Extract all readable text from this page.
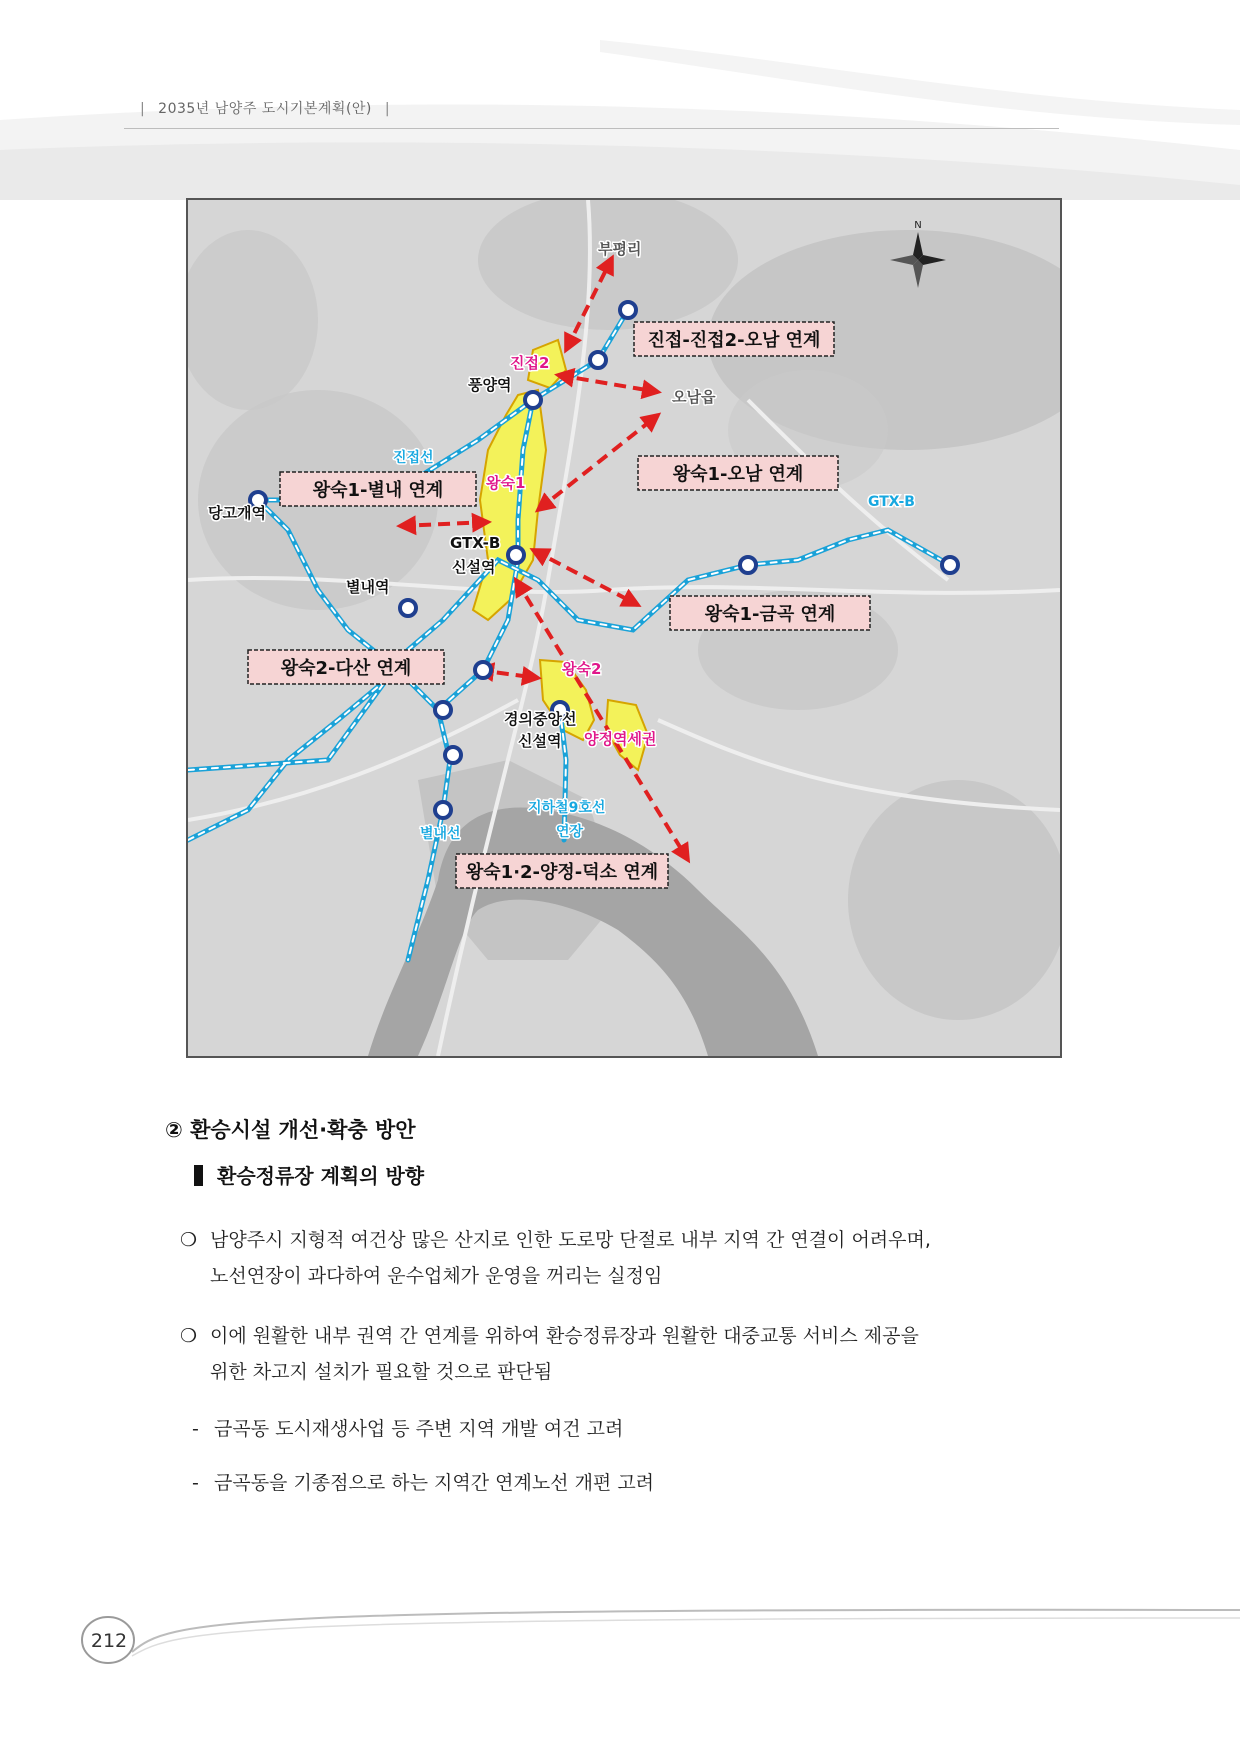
| 2035년 남양주 도시기본계획(안) |
N
진접-진접2-오남 연계
왕숙1-오남 연계
왕숙1-별내 연계
왕숙1-금곡 연계
왕숙2-다산 연계
왕숙1·2-양정-덕소 연계
진접2
왕숙1
왕숙2
양정역세권
풍양역
당고개역
GTX-B
신설역
별내역
경의중앙선
신설역
진접선
GTX-B
별내선
지하철9호선
연장
부평리
오남읍
② 환승시설 개선·확충 방안
환승정류장 계획의 방향
❍ 남양주시 지형적 여건상 많은 산지로 인한 도로망 단절로 내부 지역 간 연결이 어려우며,
노선연장이 과다하여 운수업체가 운영을 꺼리는 실정임
❍ 이에 원활한 내부 권역 간 연계를 위하여 환승정류장과 원활한 대중교통 서비스 제공을
위한 차고지 설치가 필요할 것으로 판단됨
- 금곡동 도시재생사업 등 주변 지역 개발 여건 고려
- 금곡동을 기종점으로 하는 지역간 연계노선 개편 고려
212
